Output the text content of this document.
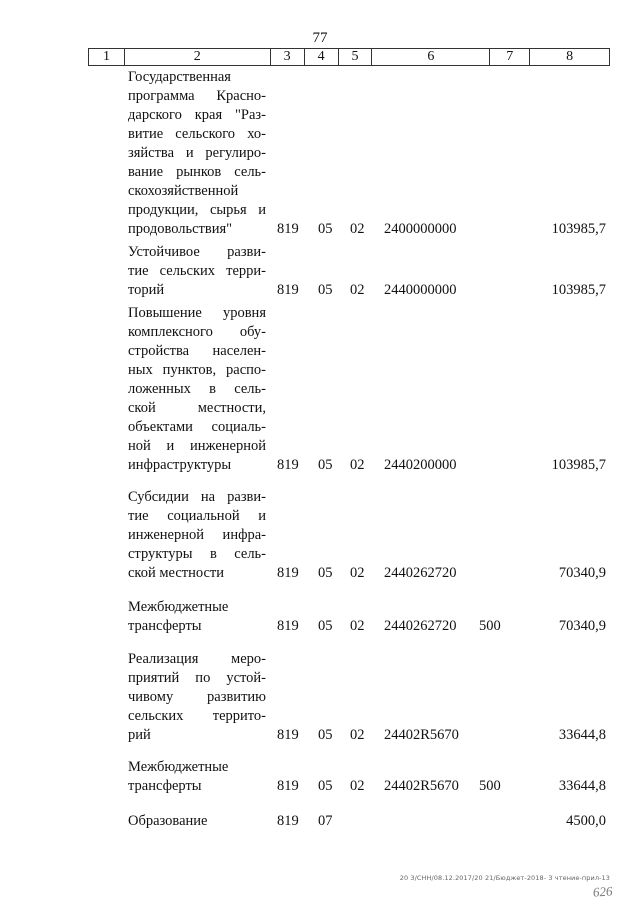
77
1	2	3	4	5	6	7	8
Государственная
программа Красно-
дарского края "Раз-
витие сельского хо-
зяйства и регулиро-
вание рынков сель-
скохозяйственной
продукции, сырья и
продовольствия"	819 05 02 2400000000	103985,7
Устойчивое разви-
тие сельских терри-
торий	819 05 02 2440000000	103985,7
Повышение уровня
комплексного обу-
стройства населен-
ных пунктов, распо-
ложенных в сель-
ской местности,
объектами социаль-
ной и инженерной
инфраструктуры	819 05 02 2440200000	103985,7
Субсидии на разви-
тие социальной и
инженерной инфра-
структуры в сель-
ской местности	819 05 02 2440262720	70340,9
Межбюджетные
трансферты	819 05 02 2440262720 500	70340,9
Реализация меро-
приятий по устой-
чивому развитию
сельских террито-
рий	819 05 02 24402R5670	33644,8
Межбюджетные
трансферты	819 05 02 24402R5670 500	33644,8
Образование	819 07	4500,0
20 З/СНН/08.12.2017/20 21/Бюджет-2018- 3 чтение-прил-13
626
